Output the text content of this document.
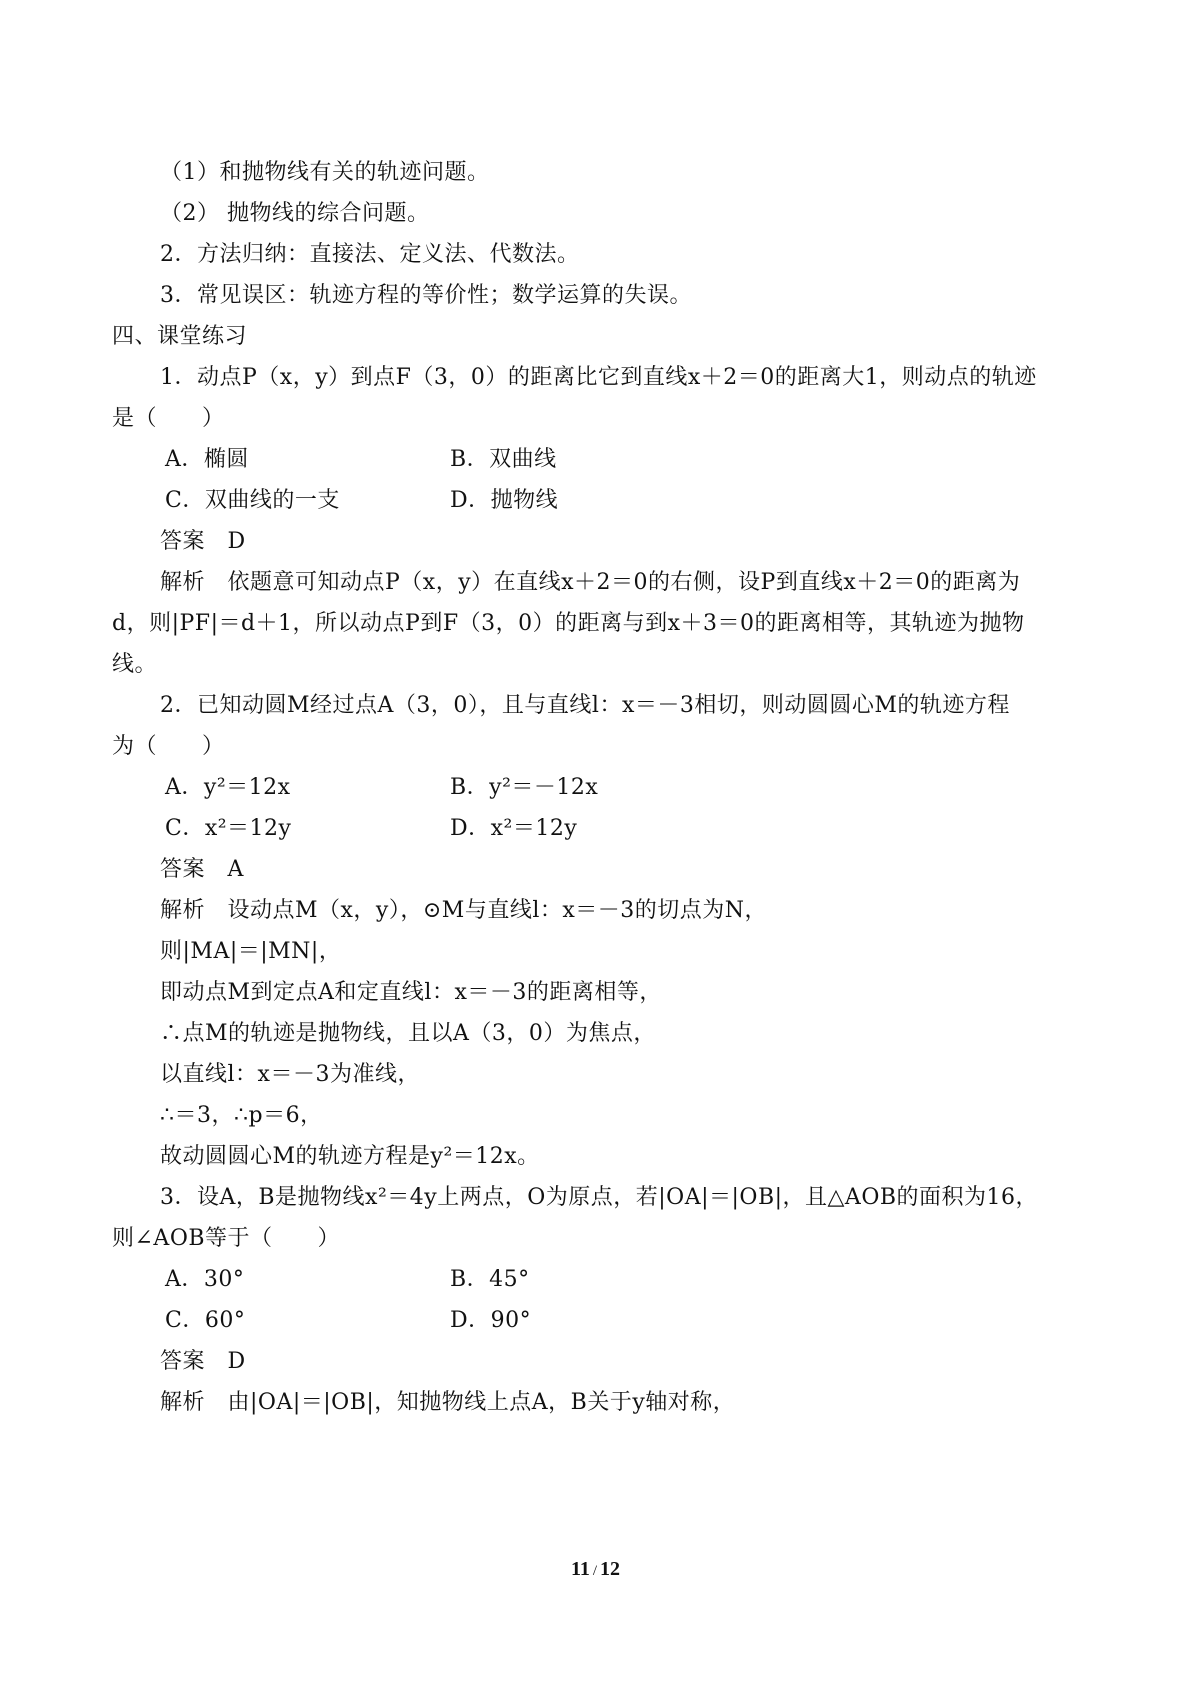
（1）和抛物线有关的轨迹问题。
（2） 抛物线的综合问题。
2．方法归纳：直接法、定义法、代数法。
3．常见误区：轨迹方程的等价性；数学运算的失误。
四、课堂练习
1．动点P（x，y）到点F（3，0）的距离比它到直线x＋2＝0的距离大1，则动点的轨迹
是（　　）
A．椭圆	B．双曲线
C．双曲线的一支	D．抛物线
答案　D
解析　依题意可知动点P（x，y）在直线x＋2＝0的右侧，设P到直线x＋2＝0的距离为
d，则|PF|＝d＋1，所以动点P到F（3，0）的距离与到x＋3＝0的距离相等，其轨迹为抛物
线。
2．已知动圆M经过点A（3，0），且与直线l：x＝－3相切，则动圆圆心M的轨迹方程
为（　　）
A．y²＝12x	B．y²＝－12x
C．x²＝12y	D．x²＝12y
答案　A
解析　设动点M（x，y），⊙M与直线l：x＝－3的切点为N，
则|MA|＝|MN|，
即动点M到定点A和定直线l：x＝－3的距离相等，
∴点M的轨迹是抛物线，且以A（3，0）为焦点，
以直线l：x＝－3为准线，
∴＝3，∴p＝6，
故动圆圆心M的轨迹方程是y²＝12x。
3．设A，B是抛物线x²＝4y上两点，O为原点，若|OA|＝|OB|，且△AOB的面积为16，
则∠AOB等于（　　）
A．30°	B．45°
C．60°	D．90°
答案　D
解析　由|OA|＝|OB|，知抛物线上点A，B关于y轴对称，
11 / 12
